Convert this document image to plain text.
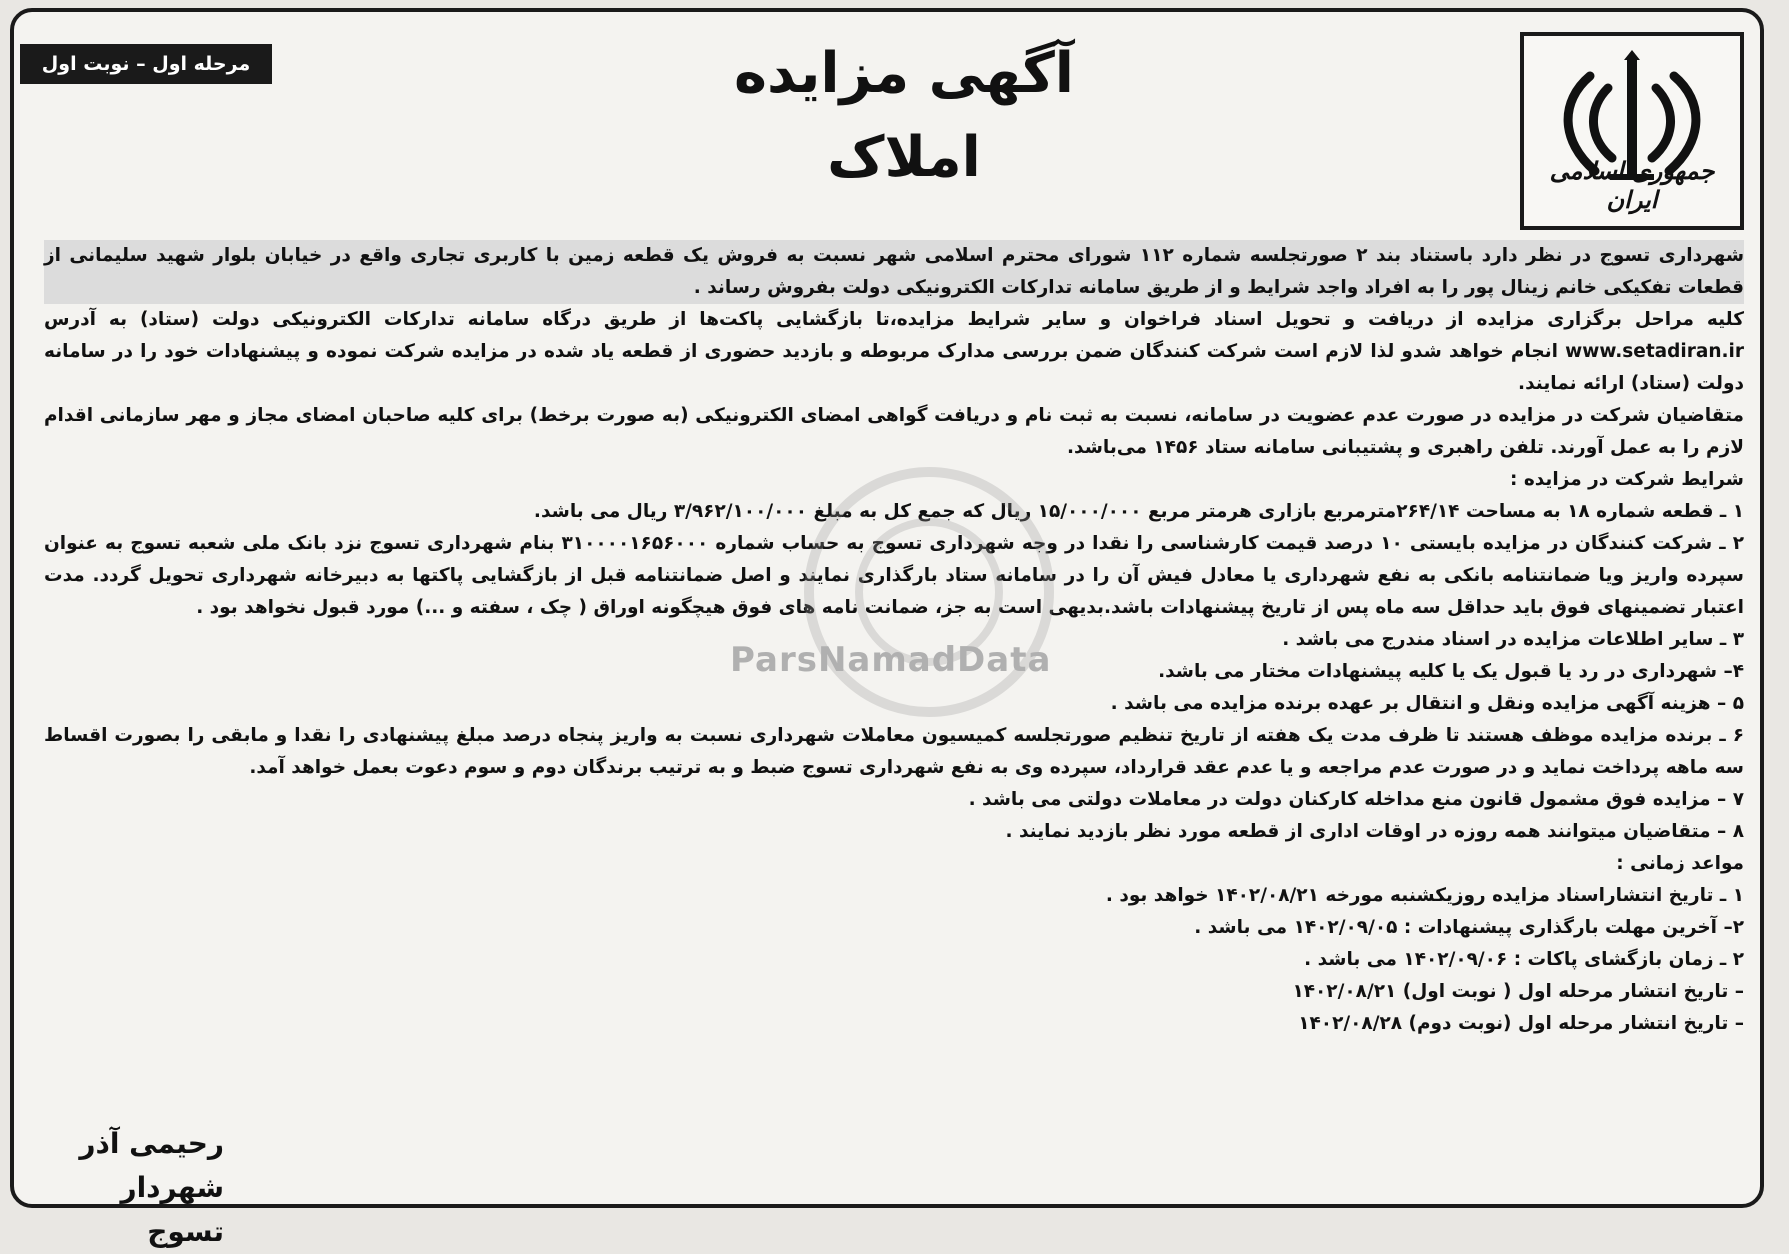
مرحله اول – نوبت اول	آگهی مزایده
املاک	جمهوری اسلامی ایران

شهرداری تسوج در نظر دارد باستناد بند ۲ صورتجلسه شماره ۱۱۲ شورای محترم اسلامی شهر نسبت به فروش یک قطعه زمین با کاربری تجاری واقع در خیابان بلوار شهید سلیمانی از قطعات تفکیکی خانم زینال پور را به افراد واجد شرایط و از طریق سامانه تدارکات الکترونیکی دولت بفروش رساند .

کلیه مراحل برگزاری مزایده از دریافت و تحویل اسناد فراخوان و سایر شرایط مزایده،تا بازگشایی پاکت‌ها از طریق درگاه سامانه تدارکات الکترونیکی دولت (ستاد) به آدرس www.setadiran.ir انجام خواهد شدو لذا لازم است شرکت کنندگان ضمن بررسی مدارک مربوطه و بازدید حضوری از قطعه یاد شده در مزایده شرکت نموده و پیشنهادات خود را در سامانه دولت (ستاد) ارائه نمایند.

متقاضیان شرکت در مزایده در صورت عدم عضویت در سامانه، نسبت به ثبت نام و دریافت گواهی امضای الکترونیکی (به صورت برخط) برای کلیه صاحبان امضای مجاز و مهر سازمانی اقدام لازم را به عمل آورند. تلفن راهبری و پشتیبانی سامانه ستاد ۱۴۵۶ می‌باشد.

شرایط شرکت در مزایده :

۱ ـ قطعه شماره ۱۸ به مساحت ۲۶۴/۱۴مترمربع بازاری هرمتر مربع ۱۵/۰۰۰/۰۰۰ ریال که جمع کل به مبلغ ۳/۹۶۲/۱۰۰/۰۰۰ ریال می باشد.

۲ ـ شرکت کنندگان در مزایده بایستی ۱۰ درصد قیمت کارشناسی را نقدا در وجه شهرداری تسوج به حساب شماره ۳۱۰۰۰۰۱۶۵۶۰۰۰ بنام شهرداری تسوج نزد بانک ملی شعبه تسوج به عنوان سپرده واریز ویا ضمانتنامه بانکی به نفع شهرداری یا معادل فیش آن را در سامانه ستاد بارگذاری نمایند و اصل ضمانتنامه قبل از بازگشایی پاکتها به دبیرخانه شهرداری تحویل گردد. مدت اعتبار تضمینهای فوق باید حداقل سه ماه پس از تاریخ پیشنهادات باشد.بدیهی است به جز، ضمانت نامه های فوق هیچگونه اوراق ( چک ، سفته و ...) مورد قبول نخواهد بود .

۳ ـ سایر اطلاعات مزایده در اسناد مندرج می باشد .

۴– شهرداری در رد یا قبول یک یا کلیه پیشنهادات مختار می باشد.

۵ – هزینه آگهی مزایده ونقل و انتقال بر عهده برنده مزایده می باشد .

۶ ـ برنده مزایده موظف هستند تا ظرف مدت یک هفته از تاریخ تنظیم صورتجلسه کمیسیون معاملات شهرداری نسبت به واریز پنجاه درصد مبلغ پیشنهادی را نقدا و مابقی را بصورت اقساط سه ماهه پرداخت نماید و در صورت عدم مراجعه و یا عدم عقد قرارداد، سپرده وی به نفع شهرداری تسوج ضبط و به ترتیب برندگان دوم و سوم دعوت بعمل خواهد آمد.

۷ – مزایده فوق مشمول قانون منع مداخله کارکنان دولت در معاملات دولتی می باشد .

۸ – متقاضیان میتوانند همه روزه در اوقات اداری از قطعه مورد نظر بازدید نمایند .

مواعد زمانی :

۱ ـ تاریخ انتشاراسناد مزایده روزیکشنبه مورخه ۱۴۰۲/۰۸/۲۱ خواهد بود .

۲– آخرین مهلت بارگذاری پیشنهادات : ۱۴۰۲/۰۹/۰۵ می باشد .

۲ ـ زمان بازگشای پاکات : ۱۴۰۲/۰۹/۰۶ می باشد .

– تاریخ انتشار مرحله اول ( نوبت اول) ۱۴۰۲/۰۸/۲۱

– تاریخ انتشار مرحله اول (نوبت دوم) ۱۴۰۲/۰۸/۲۸

ParsNamadData
رحیمی آذر
شهردار تسوج
